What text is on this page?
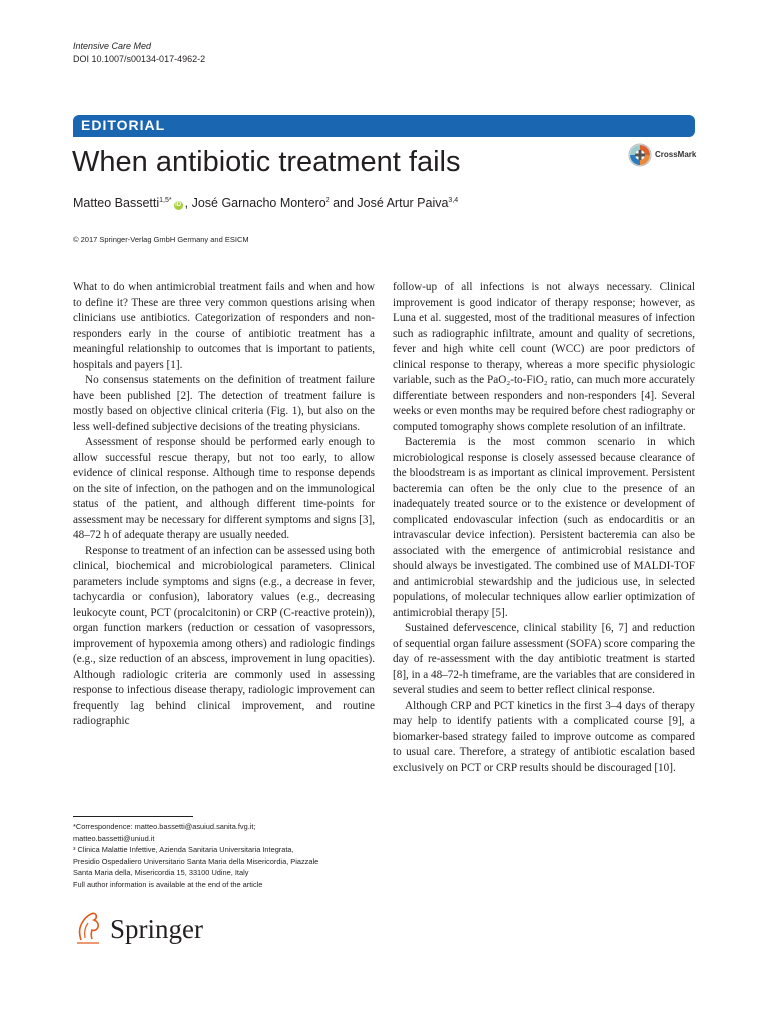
Intensive Care Med
DOI 10.1007/s00134-017-4962-2
EDITORIAL
When antibiotic treatment fails	CrossMark
Matteo Bassetti$^{1,5*}$iD , José Garnacho Montero$^2$ and José Artur Paiva$^{3,4}$
© 2017 Springer-Verlag GmbH Germany and ESICM

What to do when antimicrobial treatment fails and when and how to define it? These are three very common questions arising when clinicians use antibiotics. Categorization of responders and non-responders early in the course of antibiotic treatment has a meaningful relationship to outcomes that is important to patients, hospitals and payers [1].

No consensus statements on the definition of treatment failure have been published [2]. The detection of treatment failure is mostly based on objective clinical criteria (Fig. 1), but also on the less well-defined subjective decisions of the treating physicians.

Assessment of response should be performed early enough to allow successful rescue therapy, but not too early, to allow evidence of clinical response. Although time to response depends on the site of infection, on the pathogen and on the immunological status of the patient, and although different time-points for assessment may be necessary for different symptoms and signs [3], 48–72 h of adequate therapy are usually needed.

Response to treatment of an infection can be assessed using both clinical, biochemical and microbiological parameters. Clinical parameters include symptoms and signs (e.g., a decrease in fever, tachycardia or confusion), laboratory values (e.g., decreasing leukocyte count, PCT (procalcitonin) or CRP (C-reactive protein)), organ function markers (reduction or cessation of vasopressors, improvement of hypoxemia among others) and radiologic findings (e.g., size reduction of an abscess, improvement in lung opacities). Although radiologic criteria are commonly used in assessing response to infectious disease therapy, radiologic improvement can frequently lag behind clinical improvement, and routine radiographic

follow-up of all infections is not always necessary. Clinical improvement is good indicator of therapy response; however, as Luna et al. suggested, most of the traditional measures of infection such as radiographic infiltrate, amount and quality of secretions, fever and high white cell count (WCC) are poor predictors of clinical response to therapy, whereas a more specific physiologic variable, such as the PaO₂-to-FiO₂ ratio, can much more accurately differentiate between responders and non-responders [4]. Several weeks or even months may be required before chest radiography or computed tomography shows complete resolution of an infiltrate.

Bacteremia is the most common scenario in which microbiological response is closely assessed because clearance of the bloodstream is as important as clinical improvement. Persistent bacteremia can often be the only clue to the presence of an inadequately treated source or to the existence or development of complicated endovascular infection (such as endocarditis or an intravascular device infection). Persistent bacteremia can also be associated with the emergence of antimicrobial resistance and should always be investigated. The combined use of MALDI-TOF and antimicrobial stewardship and the judicious use, in selected populations, of molecular techniques allow earlier optimization of antimicrobial therapy [5].

Sustained defervescence, clinical stability [6, 7] and reduction of sequential organ failure assessment (SOFA) score comparing the day of re-assessment with the day antibiotic treatment is started [8], in a 48–72-h timeframe, are the variables that are considered in several studies and seem to better reflect clinical response.

Although CRP and PCT kinetics in the first 3–4 days of therapy may help to identify patients with a complicated course [9], a biomarker-based strategy failed to improve outcome as compared to usual care. Therefore, a strategy of antibiotic escalation based exclusively on PCT or CRP results should be discouraged [10].

*Correspondence: matteo.bassetti@asuiud.sanita.fvg.it;
matteo.bassetti@uniud.it
³ Clinica Malattie Infettive, Azienda Sanitaria Universitaria Integrata,
Presidio Ospedaliero Universitario Santa Maria della Misericordia, Piazzale
Santa Maria della, Misericordia 15, 33100 Udine, Italy
Full author information is available at the end of the article
Springer
